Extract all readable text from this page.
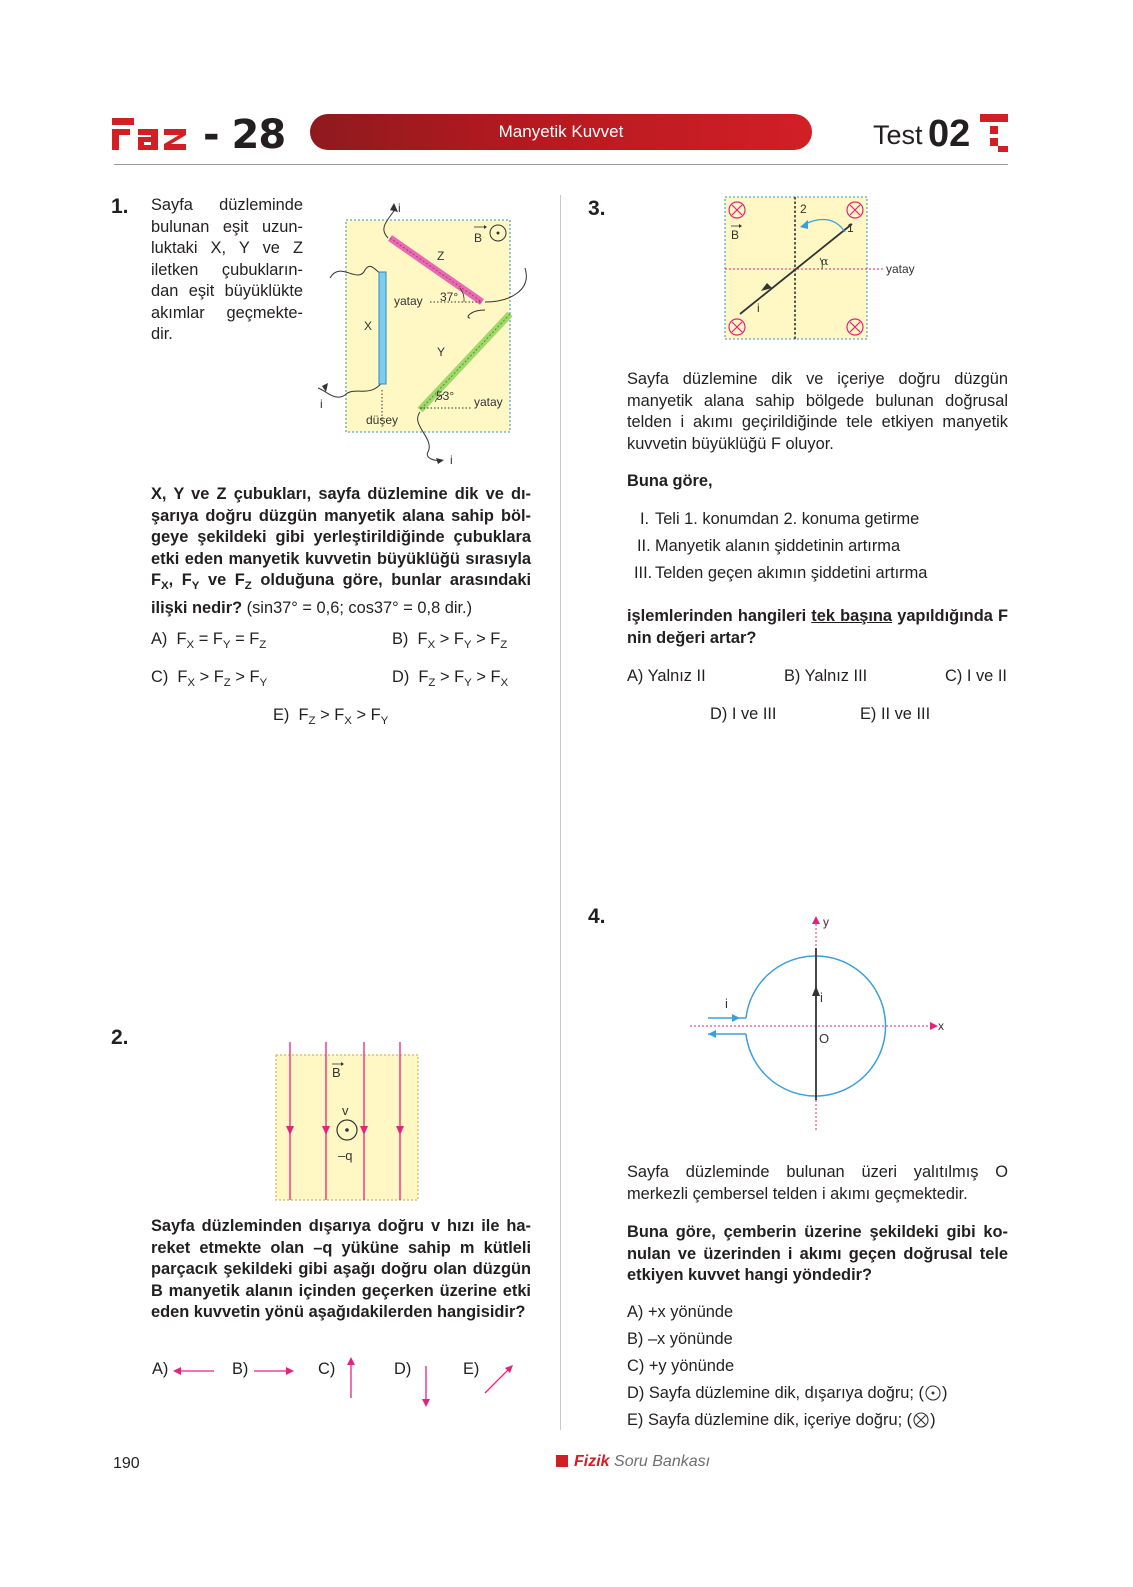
- 28	Manyetik Kuvvet	Test 02
1. Sayfa düzleminde
bulunan eşit uzun-
luktaki X, Y ve Z
iletken çubukların-
dan eşit büyüklükte
akımlar geçmekte-
dir.
i
B
Z
X
Y
yatay 37°
53° yatay
düşey
i
i
X, Y ve Z çubukları, sayfa düzlemine dik ve dı-
şarıya doğru düzgün manyetik alana sahip böl-
geye şekildeki gibi yerleştirildiğinde çubuklara
etki eden manyetik kuvvetin büyüklüğü sırasıyla
$F_X$, $F_Y$ ve $F_Z$ olduğuna göre, bunlar arasındaki
ilişki nedir? (sin37° = 0,6; cos37° = 0,8 dir.)
A)  $F_X = F_Y = F_Z$	B)  $F_X > F_Y > F_Z$
C)  $F_X > F_Z > F_Y$	D)  $F_Z > F_Y > F_X$
E)  $F_Z > F_X > F_Y$
2.
B
v
–q
Sayfa düzleminden dışarıya doğru v hızı ile ha-
reket etmekte olan –q yüküne sahip m kütleli
parçacık şekildeki gibi aşağı doğru olan düzgün
B manyetik alanın içinden geçerken üzerine etki
eden kuvvetin yönü aşağıdakilerden hangisidir?
A)	B)	C)	D)	E)
3.	2
1
B
α
i
yatay
Sayfa düzlemine dik ve içeriye doğru düzgün
manyetik alana sahip bölgede bulunan doğrusal
telden i akımı geçirildiğinde tele etkiyen manyetik
kuvvetin büyüklüğü F oluyor.
Buna göre,
I. Teli 1. konumdan 2. konuma getirme
II. Manyetik alanın şiddetinin artırma
III. Telden geçen akımın şiddetini artırma
işlemlerinden hangileri tek başına yapıldığında F
nin değeri artar?
A) Yalnız II	B) Yalnız III	C) I ve II
D) I ve III	E) II ve III
4.	y
x
i	i
O
Sayfa düzleminde bulunan üzeri yalıtılmış O
merkezli çembersel telden i akımı geçmektedir.
Buna göre, çemberin üzerine şekildeki gibi ko-
nulan ve üzerinden i akımı geçen doğrusal tele
etkiyen kuvvet hangi yöndedir?
A) +x yönünde
B) –x yönünde
C) +y yönünde
D) Sayfa düzlemine dik, dışarıya doğru; ( )
E) Sayfa düzlemine dik, içeriye doğru; ( )
190	Fizik Soru Bankası
